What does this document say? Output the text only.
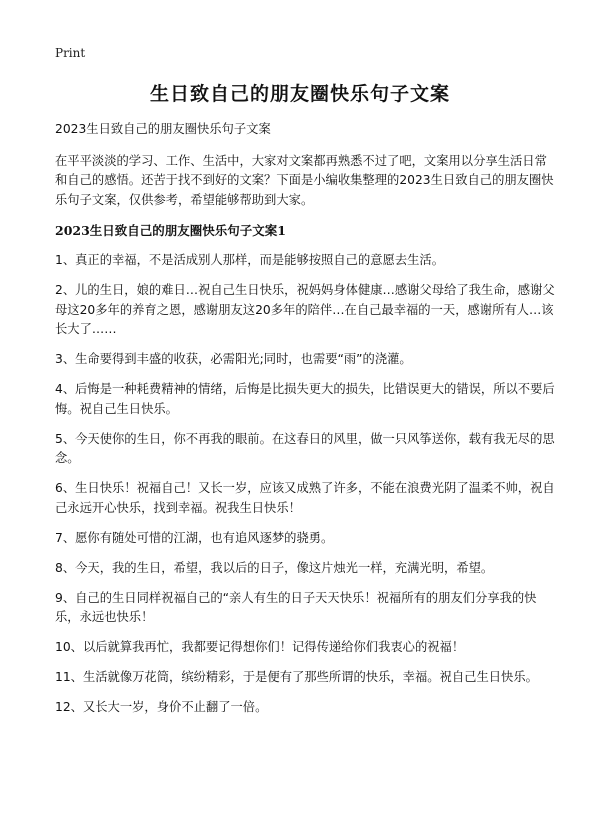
Print
生日致自己的朋友圈快乐句子文案

2023生日致自己的朋友圈快乐句子文案

在平平淡淡的学习、工作、生活中，大家对文案都再熟悉不过了吧，文案用以分享生活日常和自己的感悟。还苦于找不到好的文案？下面是小编收集整理的2023生日致自己的朋友圈快乐句子文案，仅供参考，希望能够帮助到大家。

2023生日致自己的朋友圈快乐句子文案1

1、真正的幸福，不是活成别人那样，而是能够按照自己的意愿去生活。

2、儿的生日，娘的难日…祝自己生日快乐，祝妈妈身体健康…感谢父母给了我生命，感谢父母这20多年的养育之恩，感谢朋友这20多年的陪伴…在自己最幸福的一天，感谢所有人…该长大了……

3、生命要得到丰盛的收获，必需阳光;同时，也需要“雨”的浇灌。

4、后悔是一种耗费精神的情绪，后悔是比损失更大的损失，比错误更大的错误，所以不要后悔。祝自己生日快乐。

5、今天使你的生日，你不再我的眼前。在这春日的风里，做一只风筝送你，载有我无尽的思念。

6、生日快乐！祝福自己！又长一岁，应该又成熟了许多，不能在浪费光阴了温柔不帅，祝自己永远开心快乐，找到幸福。祝我生日快乐！

7、愿你有随处可惜的江湖，也有追风逐梦的骁勇。

8、今天，我的生日，希望，我以后的日子，像这片烛光一样，充满光明，希望。

9、自己的生日同样祝福自己的“亲人有生的日子天天快乐！祝福所有的朋友们分享我的快乐，永远也快乐！

10、以后就算我再忙，我都要记得想你们！记得传递给你们我衷心的祝福！

11、生活就像万花筒，缤纷精彩，于是便有了那些所谓的快乐，幸福。祝自己生日快乐。

12、又长大一岁，身价不止翻了一倍。
